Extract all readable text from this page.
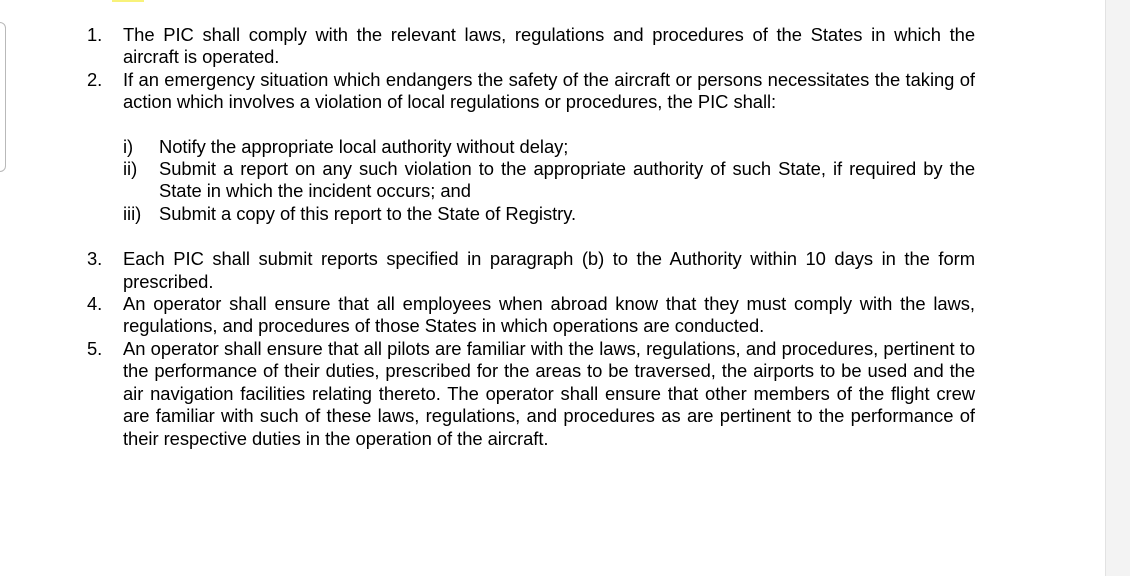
1. The PIC shall comply with the relevant laws, regulations and procedures of the States in which the aircraft is operated.
2. If an emergency situation which endangers the safety of the aircraft or persons necessitates the taking of action which involves a violation of local regulations or procedures, the PIC shall:
i) Notify the appropriate local authority without delay;
ii) Submit a report on any such violation to the appropriate authority of such State, if required by the State in which the incident occurs; and
iii) Submit a copy of this report to the State of Registry.
3. Each PIC shall submit reports specified in paragraph (b) to the Authority within 10 days in the form prescribed.
4. An operator shall ensure that all employees when abroad know that they must comply with the laws, regulations, and procedures of those States in which operations are conducted.
5. An operator shall ensure that all pilots are familiar with the laws, regulations, and procedures, pertinent to the performance of their duties, prescribed for the areas to be traversed, the airports to be used and the air navigation facilities relating thereto. The operator shall ensure that other members of the flight crew are familiar with such of these laws, regulations, and procedures as are pertinent to the performance of their respective duties in the operation of the aircraft.
